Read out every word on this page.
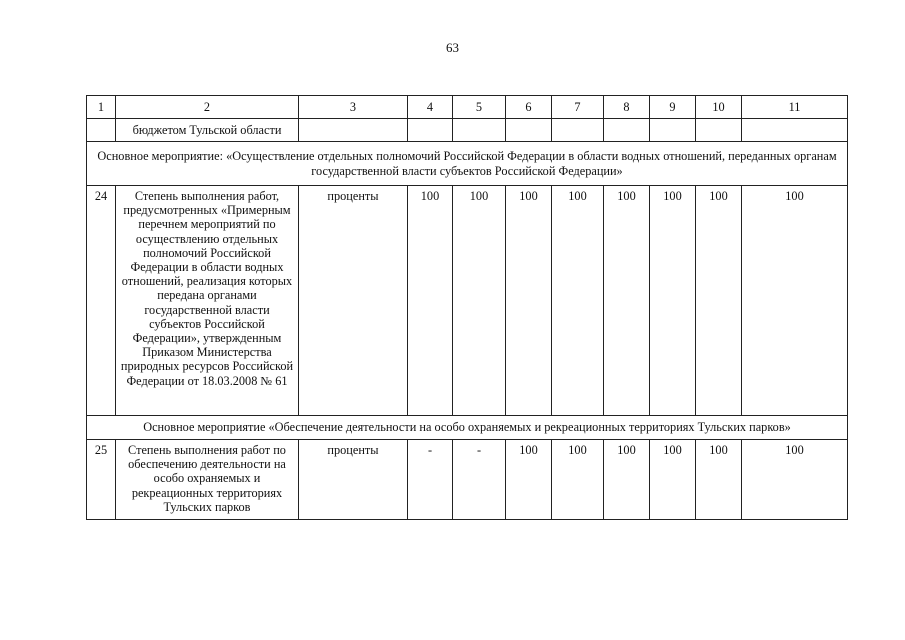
63
1	2	3	4	5	6	7	8	9	10	11
	бюджетом Тульской области									
Основное мероприятие: «Осуществление отдельных полномочий Российской Федерации в области водных отношений, переданных органам государственной власти субъектов Российской Федерации»										
24	Степень выполнения работ, предусмотренных «Примерным перечнем мероприятий по осуществлению отдельных полномочий Российской Федерации в области водных отношений, реализация которых передана органами государственной власти субъектов Российской Федерации», утвержденным Приказом Министерства природных ресурсов Российской Федерации от 18.03.2008 № 61	проценты	100	100	100	100	100	100	100	100
Основное мероприятие «Обеспечение деятельности на особо охраняемых и рекреационных территориях Тульских парков»										
25	Степень выполнения работ по обеспечению деятельности на особо охраняемых и рекреационных территориях Тульских парков	проценты	-	-	100	100	100	100	100	100
